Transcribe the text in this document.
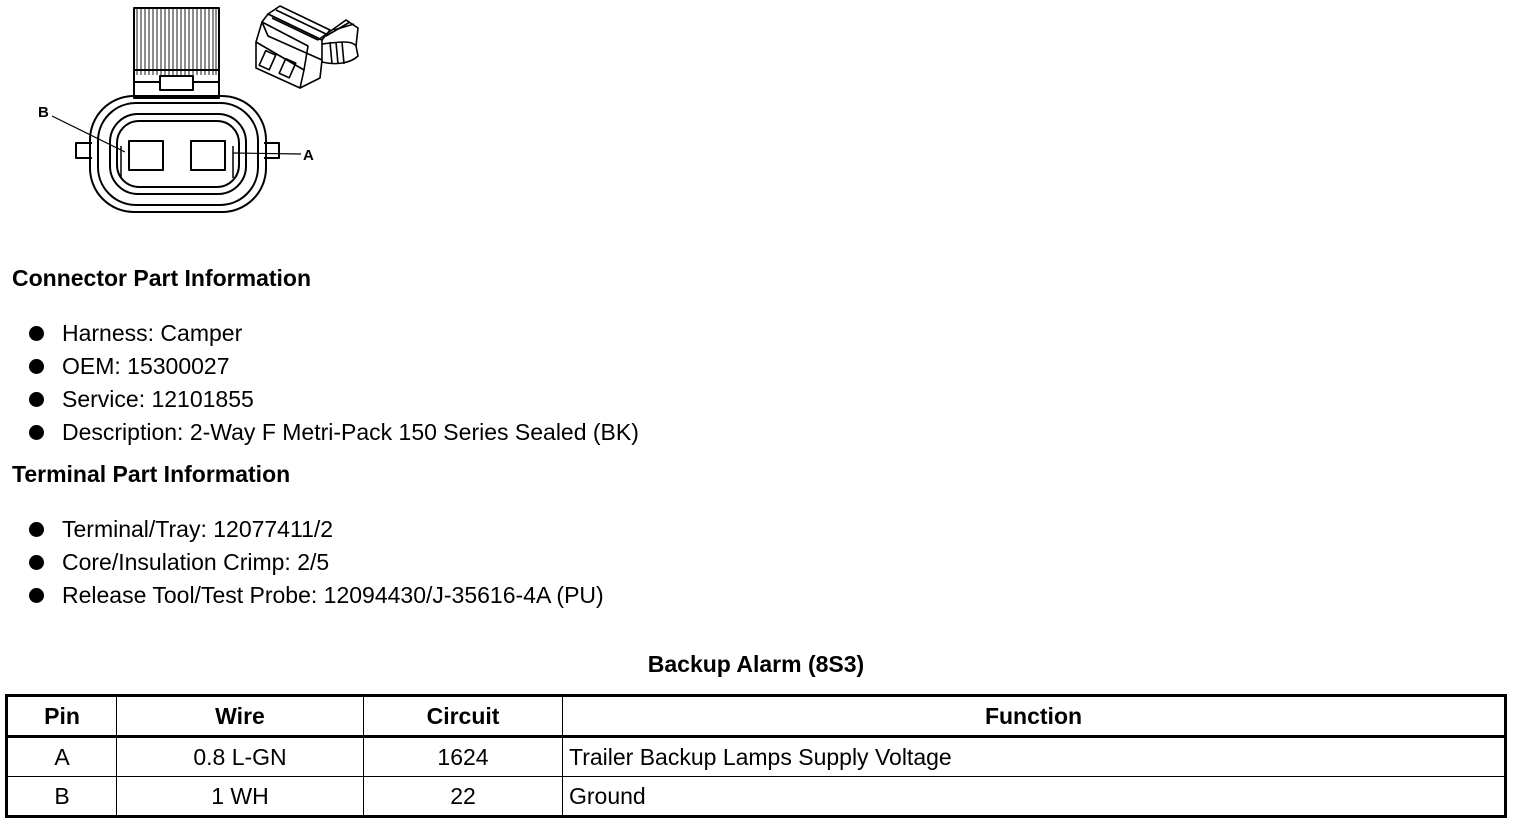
B
A
Connector Part Information
Harness: Camper
OEM: 15300027
Service: 12101855
Description: 2-Way F Metri-Pack 150 Series Sealed (BK)
Terminal Part Information
Terminal/Tray: 12077411/2
Core/Insulation Crimp: 2/5
Release Tool/Test Probe: 12094430/J-35616-4A (PU)
Backup Alarm (8S3)
Pin	Wire	Circuit	Function
A	0.8 L-GN	1624	Trailer Backup Lamps Supply Voltage
B	1 WH	22	Ground
